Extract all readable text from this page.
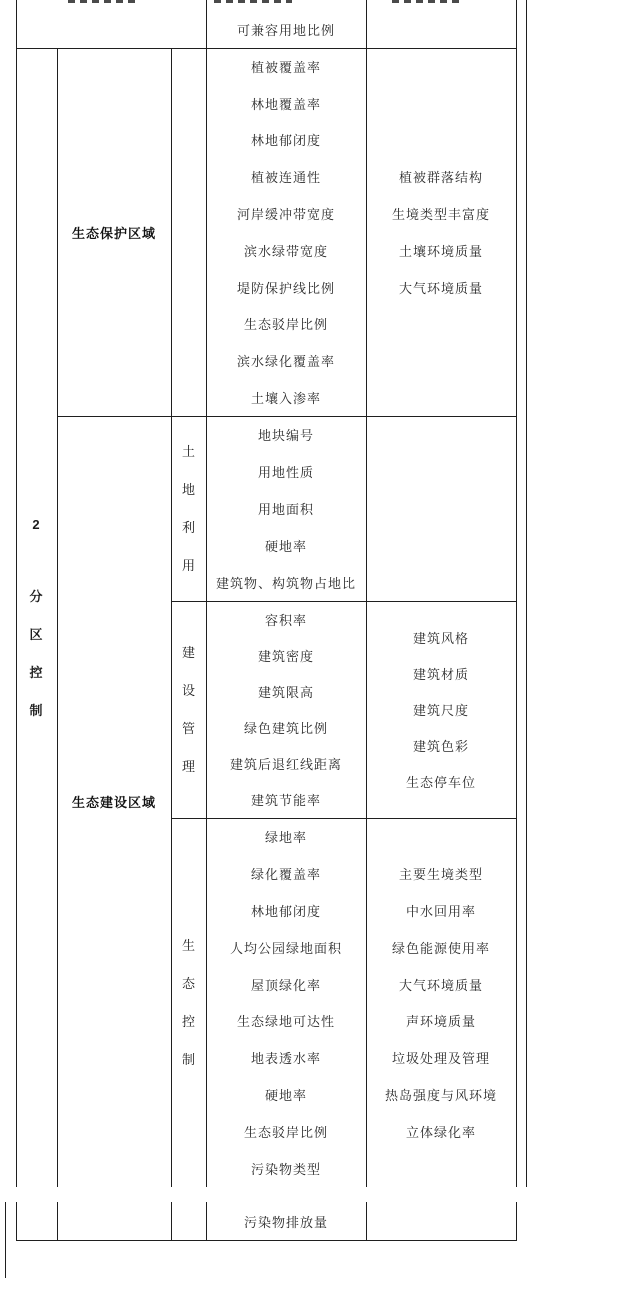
可兼容用地比例
2
分
区
控
制
生态保护区域
生态建设区域
土
地
利
用
建
设
管
理
生
态
控
制
植被覆盖率
林地覆盖率
林地郁闭度
植被连通性
河岸缓冲带宽度
滨水绿带宽度
堤防保护线比例
生态驳岸比例
滨水绿化覆盖率
土壤入渗率
地块编号
用地性质
用地面积
硬地率
建筑物、构筑物占地比
容积率
建筑密度
建筑限高
绿色建筑比例
建筑后退红线距离
建筑节能率
绿地率
绿化覆盖率
林地郁闭度
人均公园绿地面积
屋顶绿化率
生态绿地可达性
地表透水率
硬地率
生态驳岸比例
污染物类型
植被群落结构
生境类型丰富度
土壤环境质量
大气环境质量
建筑风格
建筑材质
建筑尺度
建筑色彩
生态停车位
主要生境类型
中水回用率
绿色能源使用率
大气环境质量
声环境质量
垃圾处理及管理
热岛强度与风环境
立体绿化率
污染物排放量
